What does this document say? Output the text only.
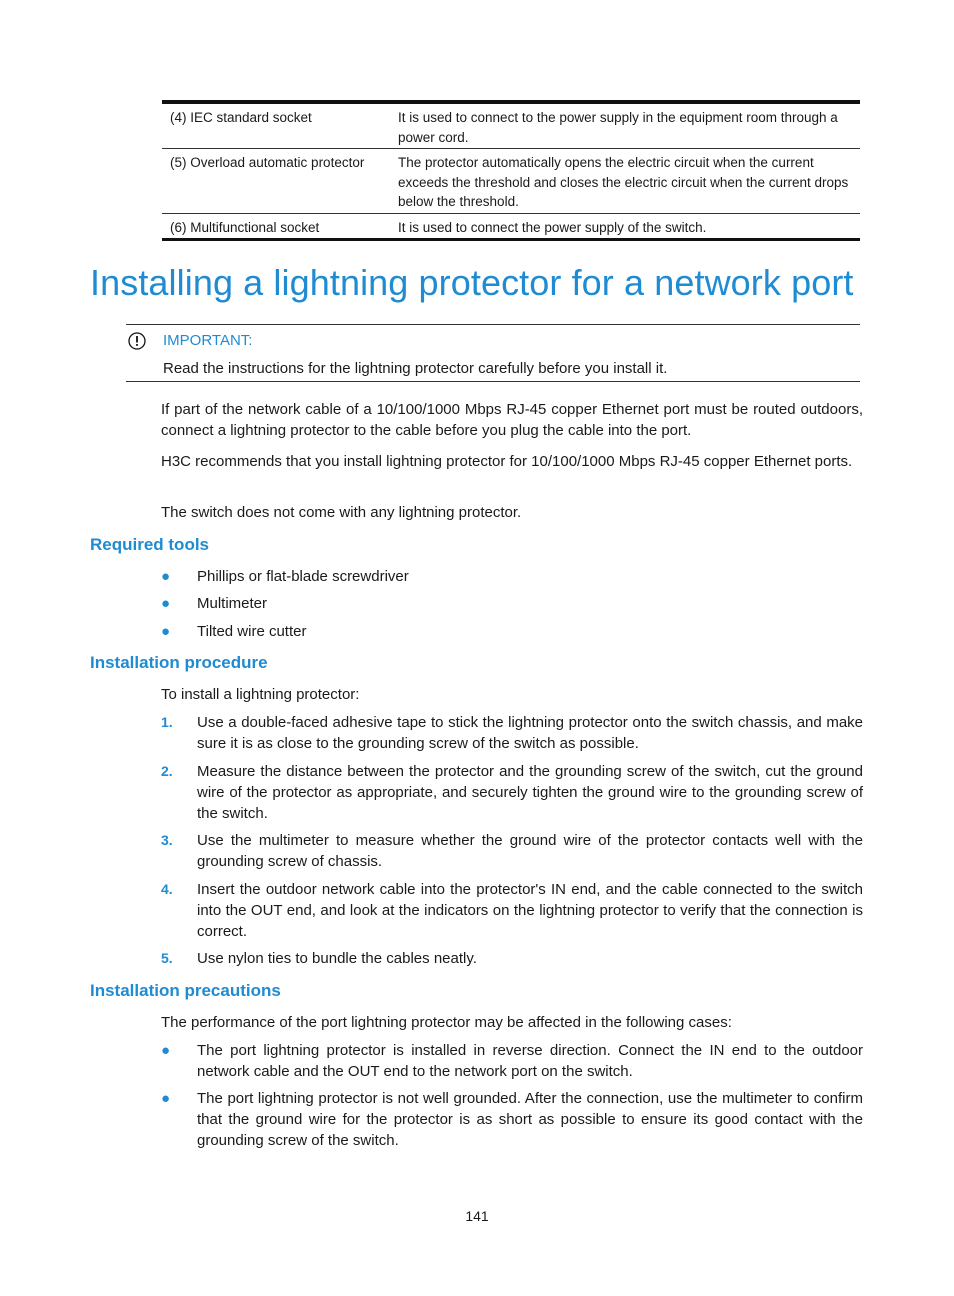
(4) IEC standard socket	It is used to connect to the power supply in the equipment room through a power cord.
(5) Overload automatic protector	The protector automatically opens the electric circuit when the current exceeds the threshold and closes the electric circuit when the current drops below the threshold.
(6) Multifunctional socket	It is used to connect the power supply of the switch.
Installing a lightning protector for a network port
IMPORTANT:
Read the instructions for the lightning protector carefully before you install it.

If part of the network cable of a 10/100/1000 Mbps RJ-45 copper Ethernet port must be routed outdoors, connect a lightning protector to the cable before you plug the cable into the port.

H3C recommends that you install lightning protector for 10/100/1000 Mbps RJ-45 copper Ethernet ports.

The switch does not come with any lightning protector.

Required tools
● Phillips or flat-blade screwdriver
● Multimeter
● Tilted wire cutter
Installation procedure

To install a lightning protector:

1. Use a double-faced adhesive tape to stick the lightning protector onto the switch chassis, and make sure it is as close to the grounding screw of the switch as possible.
2. Measure the distance between the protector and the grounding screw of the switch, cut the ground wire of the protector as appropriate, and securely tighten the ground wire to the grounding screw of the switch.
3. Use the multimeter to measure whether the ground wire of the protector contacts well with the grounding screw of chassis.
4. Insert the outdoor network cable into the protector's IN end, and the cable connected to the switch into the OUT end, and look at the indicators on the lightning protector to verify that the connection is correct.
5. Use nylon ties to bundle the cables neatly.
Installation precautions

The performance of the port lightning protector may be affected in the following cases:

● The port lightning protector is installed in reverse direction. Connect the IN end to the outdoor network cable and the OUT end to the network port on the switch.
● The port lightning protector is not well grounded. After the connection, use the multimeter to confirm that the ground wire for the protector is as short as possible to ensure its good contact with the grounding screw of the switch.
141
